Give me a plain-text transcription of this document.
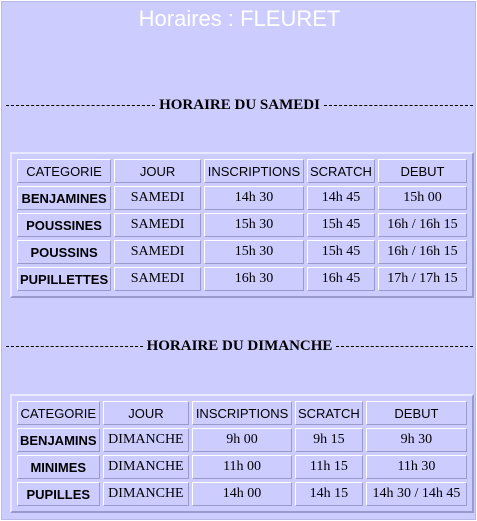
Horaires : FLEURET
HORAIRE DU SAMEDI
CATEGORIE	JOUR	INSCRIPTIONS	SCRATCH	DEBUT
BENJAMINES	SAMEDI	14h 30	14h 45	15h 00
POUSSINES	SAMEDI	15h 30	15h 45	16h / 16h 15
POUSSINS	SAMEDI	15h 30	15h 45	16h / 16h 15
PUPILLETTES	SAMEDI	16h 30	16h 45	17h / 17h 15
HORAIRE DU DIMANCHE
CATEGORIE	JOUR	INSCRIPTIONS	SCRATCH	DEBUT
BENJAMINS	DIMANCHE	9h 00	9h 15	9h 30
MINIMES	DIMANCHE	11h 00	11h 15	11h 30
PUPILLES	DIMANCHE	14h 00	14h 15	14h 30 / 14h 45
